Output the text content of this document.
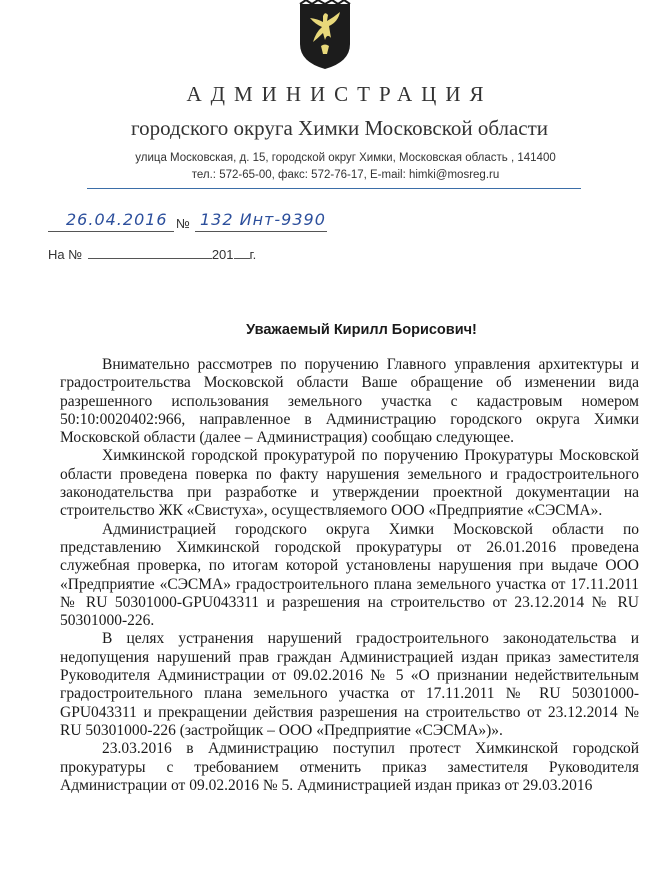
АДМИНИСТРАЦИЯ
городского округа Химки Московской области
улица Московская, д. 15, городской округ Химки, Московская область , 141400
тел.: 572-65-00, факс: 572-76-17, E-mail: himki@mosreg.ru
26.04.2016 № 132 Инт-9390
На №	201 г.
Уважаемый Кирилл Борисович!

Внимательно рассмотрев по поручению Главного управления архитектуры и градостроительства Московской области Ваше обращение об изменении вида разрешенного использования земельного участка с кадастровым номером 50:10:0020402:966, направленное в Администрацию городского округа Химки Московской области (далее – Администрация) сообщаю следующее.

Химкинской городской прокуратурой по поручению Прокуратуры Московской области проведена поверка по факту нарушения земельного и градостроительного законодательства при разработке и утверждении проектной документации на строительство ЖК «Свистуха», осуществляемого ООО «Предприятие «СЭСМА».

Администрацией городского округа Химки Московской области по представлению Химкинской городской прокуратуры от 26.01.2016 проведена служебная проверка, по итогам которой установлены нарушения при выдаче ООО «Предприятие «СЭСМА» градостроительного плана земельного участка от 17.11.2011 № RU 50301000-GPU043311 и разрешения на строительство от 23.12.2014 № RU 50301000-226.

В целях устранения нарушений градостроительного законодательства и недопущения нарушений прав граждан Администрацией издан приказ заместителя Руководителя Администрации от 09.02.2016 № 5 «О признании недействительным градостроительного плана земельного участка от 17.11.2011 № RU 50301000-GPU043311 и прекращении действия разрешения на строительство от 23.12.2014 № RU 50301000-226 (застройщик – ООО «Предприятие «СЭСМА»)».

23.03.2016 в Администрацию поступил протест Химкинской городской прокуратуры с требованием отменить приказ заместителя Руководителя Администрации от 09.02.2016 № 5. Администрацией издан приказ от 29.03.2016
